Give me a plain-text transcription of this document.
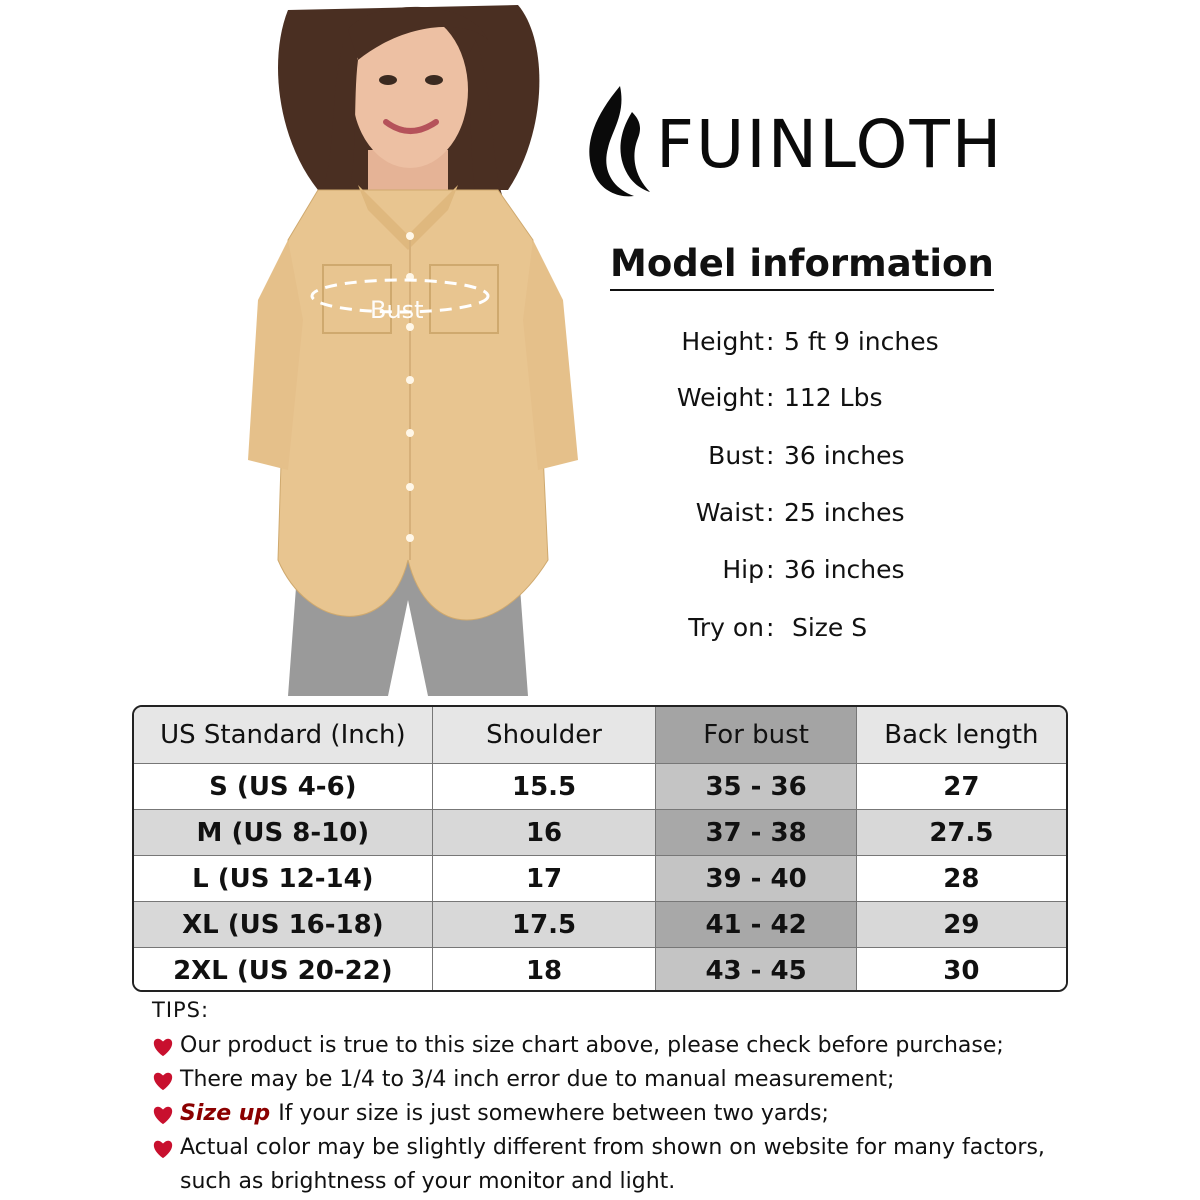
Bust
FUINLOTH
Model information
Height : 5 ft 9 inches
Weight : 112 Lbs
Bust : 36 inches
Waist : 25 inches
Hip : 36 inches
Try on : Size S
US Standard (Inch)	Shoulder	For bust	Back length
S (US 4-6)	15.5	35 - 36	27
M (US 8-10)	16	37 - 38	27.5
L (US 12-14)	17	39 - 40	28
XL (US 16-18)	17.5	41 - 42	29
2XL (US 20-22)	18	43 - 45	30
TIPS:
Our product is true to this size chart above, please check before purchase;
There may be 1/4 to 3/4 inch error due to manual measurement;
Size up If your size is just somewhere between two yards;
Actual color may be slightly different from shown on website for many factors,
such as brightness of your monitor and light.
